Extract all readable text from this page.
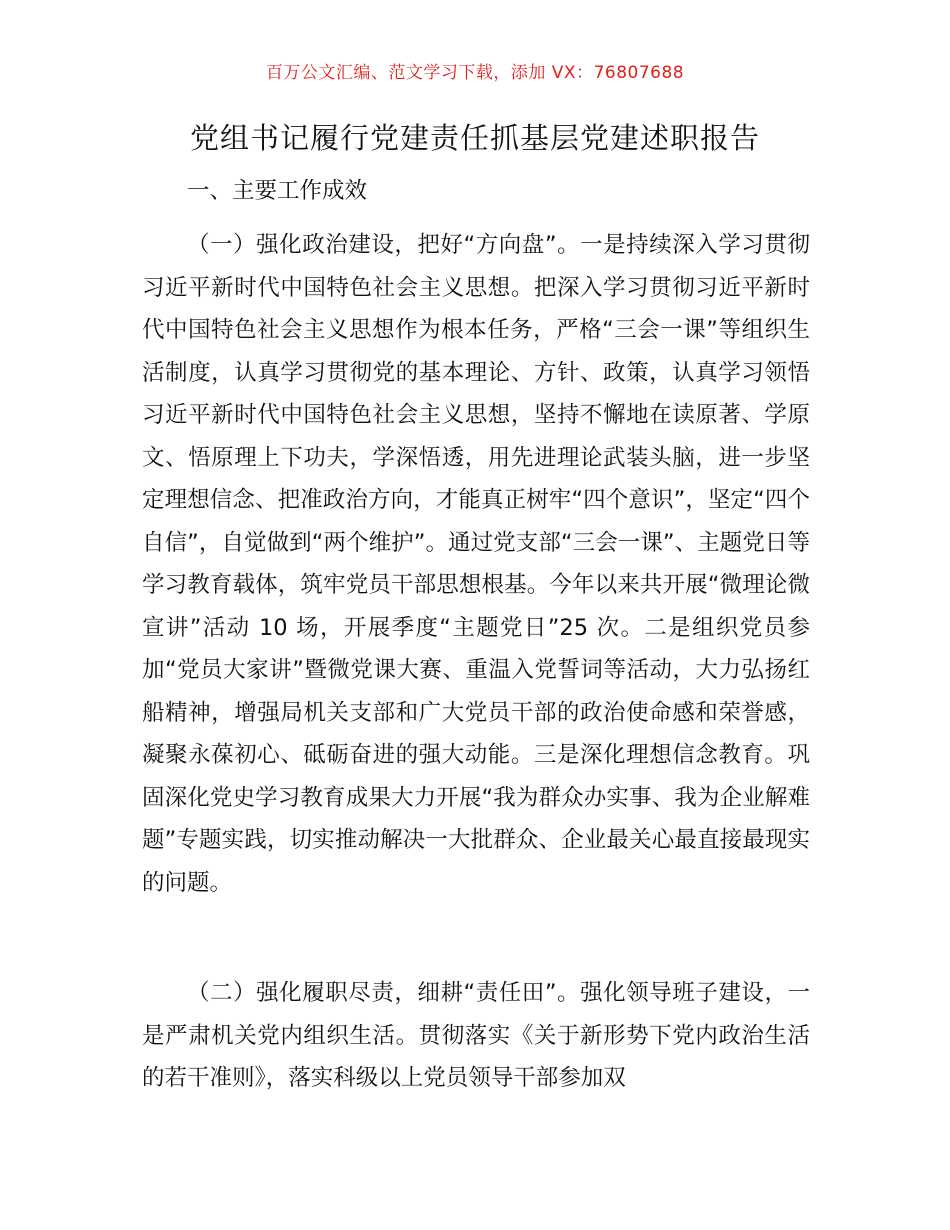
百万公文汇编、范文学习下载，添加 VX：76807688
党组书记履行党建责任抓基层党建述职报告

一、主要工作成效

（一）强化政治建设，把好“方向盘”。一是持续深入学习贯彻习近平新时代中国特色社会主义思想。把深入学习贯彻习近平新时代中国特色社会主义思想作为根本任务，严格“三会一课”等组织生活制度，认真学习贯彻党的基本理论、方针、政策，认真学习领悟习近平新时代中国特色社会主义思想，坚持不懈地在读原著、学原文、悟原理上下功夫，学深悟透，用先进理论武装头脑，进一步坚定理想信念、把准政治方向，才能真正树牢“四个意识”，坚定“四个自信”，自觉做到“两个维护”。通过党支部“三会一课”、主题党日等学习教育载体，筑牢党员干部思想根基。今年以来共开展“微理论微宣讲”活动 10 场，开展季度“主题党日”25 次。二是组织党员参加“党员大家讲”暨微党课大赛、重温入党誓词等活动，大力弘扬红船精神，增强局机关支部和广大党员干部的政治使命感和荣誉感，凝聚永葆初心、砥砺奋进的强大动能。三是深化理想信念教育。巩固深化党史学习教育成果大力开展“我为群众办实事、我为企业解难题”专题实践，切实推动解决一大批群众、企业最关心最直接最现实的问题。

（二）强化履职尽责，细耕“责任田”。强化领导班子建设，一是严肃机关党内组织生活。贯彻落实《关于新形势下党内政治生活的若干准则》，落实科级以上党员领导干部参加双
